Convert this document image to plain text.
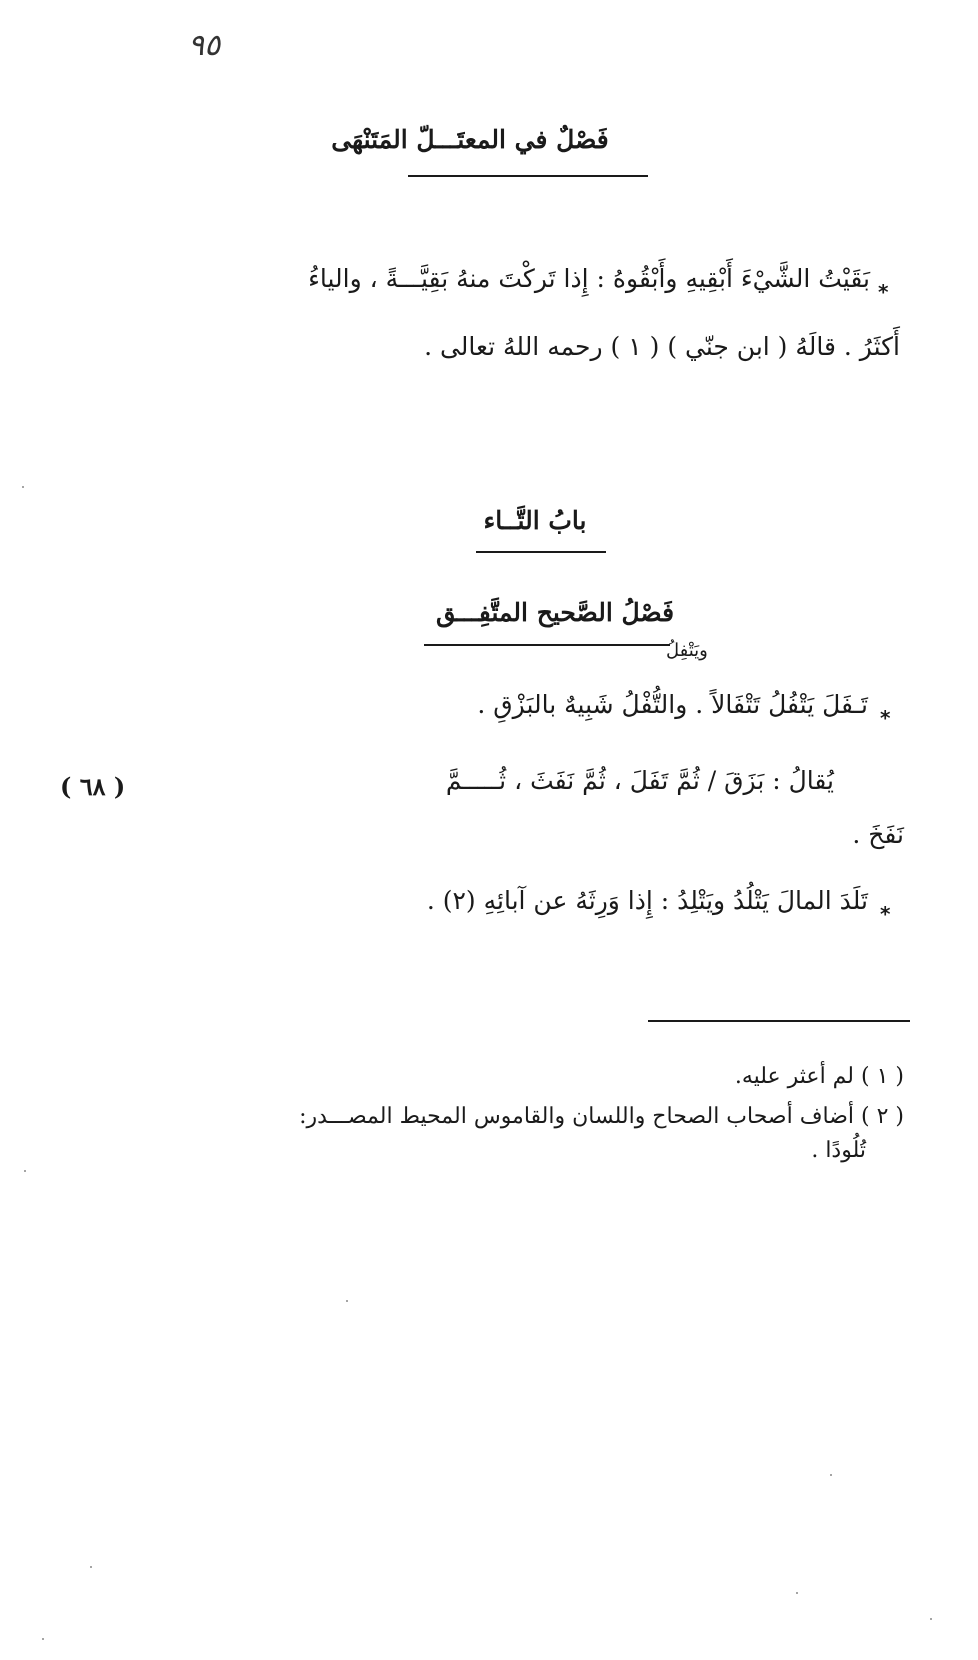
٩٥
فَصْلٌ في المعتَـــلّ المَتَنْهَى
*
بَقَيْتُ الشَّيْءَ أَبْقِيهِ وأَبْقُوهُ : إِذا تَركْتَ منهُ بَقِيَّـــةً ، والياءُ
أَكثَرُ . قالَهُ ( ابن جنّي ) ( ١ ) رحمه اللهُ تعالى .
بابُ التَّــاء
فَصْلُ الصَّحيح المتَّفِـــق
ويَتْفِلُ
*
تَـفَلَ يَتْفُلُ تَتْفَالاً . والتُّفْلُ شَبِيهٌ بالبَزْقِ .
يُقالُ : بَزَقَ / ثُمَّ تَفَلَ ، ثُمَّ نَفَثَ ، ثُـــــمَّ
( ٦٨ )
نَفَخَ .
*
تَلَدَ المالَ يَتْلُدُ ويَتْلِدُ : إِذا وَرِثَهُ عن آبائِهِ (٢) .
( ١ ) لم أعثر عليه.
( ٢ ) أضاف أصحاب الصحاح واللسان والقاموس المحيط المصـــدر:
تُلُودًا .
